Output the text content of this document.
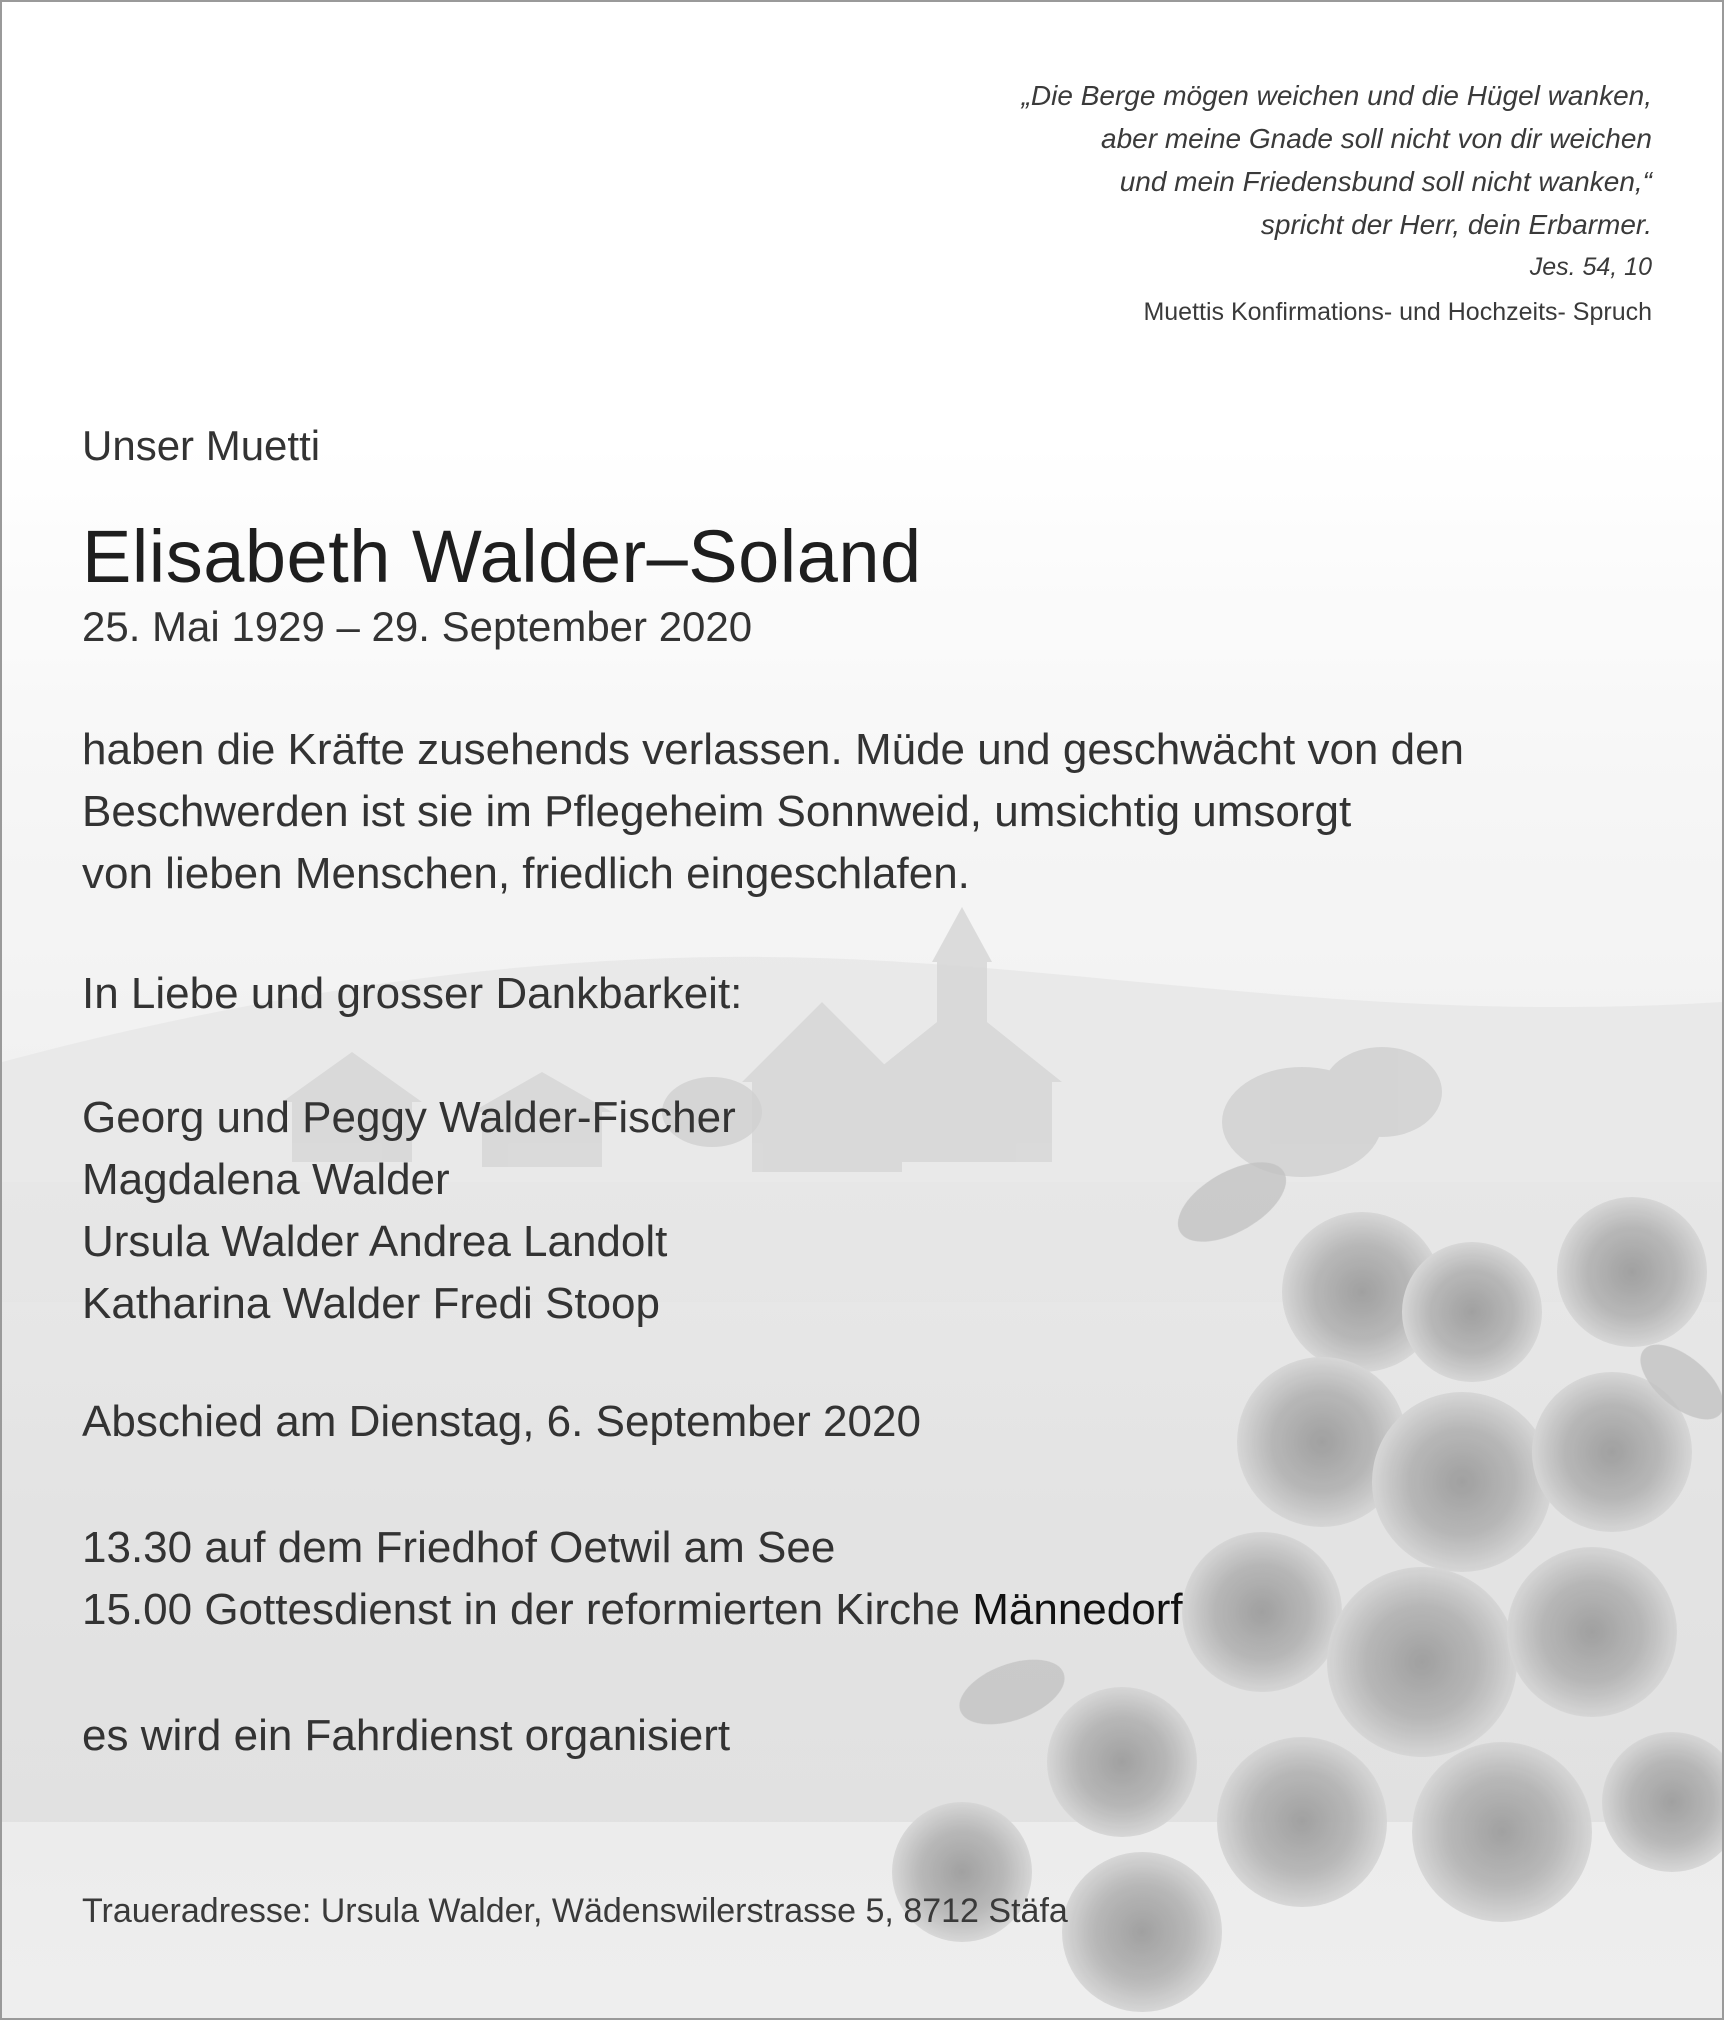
„Die Berge mögen weichen und die Hügel wanken,
aber meine Gnade soll nicht von dir weichen
und mein Friedensbund soll nicht wanken,“
spricht der Herr, dein Erbarmer.
Jes. 54, 10
Muettis Konfirmations- und Hochzeits- Spruch

Unser Muetti

Elisabeth Walder–Soland

25. Mai 1929 – 29. September 2020

haben die Kräfte zusehends verlassen. Müde und geschwächt von den

Beschwerden ist sie im Pflegeheim Sonnweid, umsichtig umsorgt

von lieben Menschen, friedlich eingeschlafen.

In Liebe und grosser Dankbarkeit:

Georg und Peggy Walder-Fischer

Magdalena Walder

Ursula Walder Andrea Landolt

Katharina Walder Fredi Stoop

Abschied am Dienstag, 6. September 2020

13.30 auf dem Friedhof Oetwil am See

15.00 Gottesdienst in der reformierten Kirche Männedorf

es wird ein Fahrdienst organisiert

Traueradresse: Ursula Walder, Wädenswilerstrasse 5, 8712 Stäfa
